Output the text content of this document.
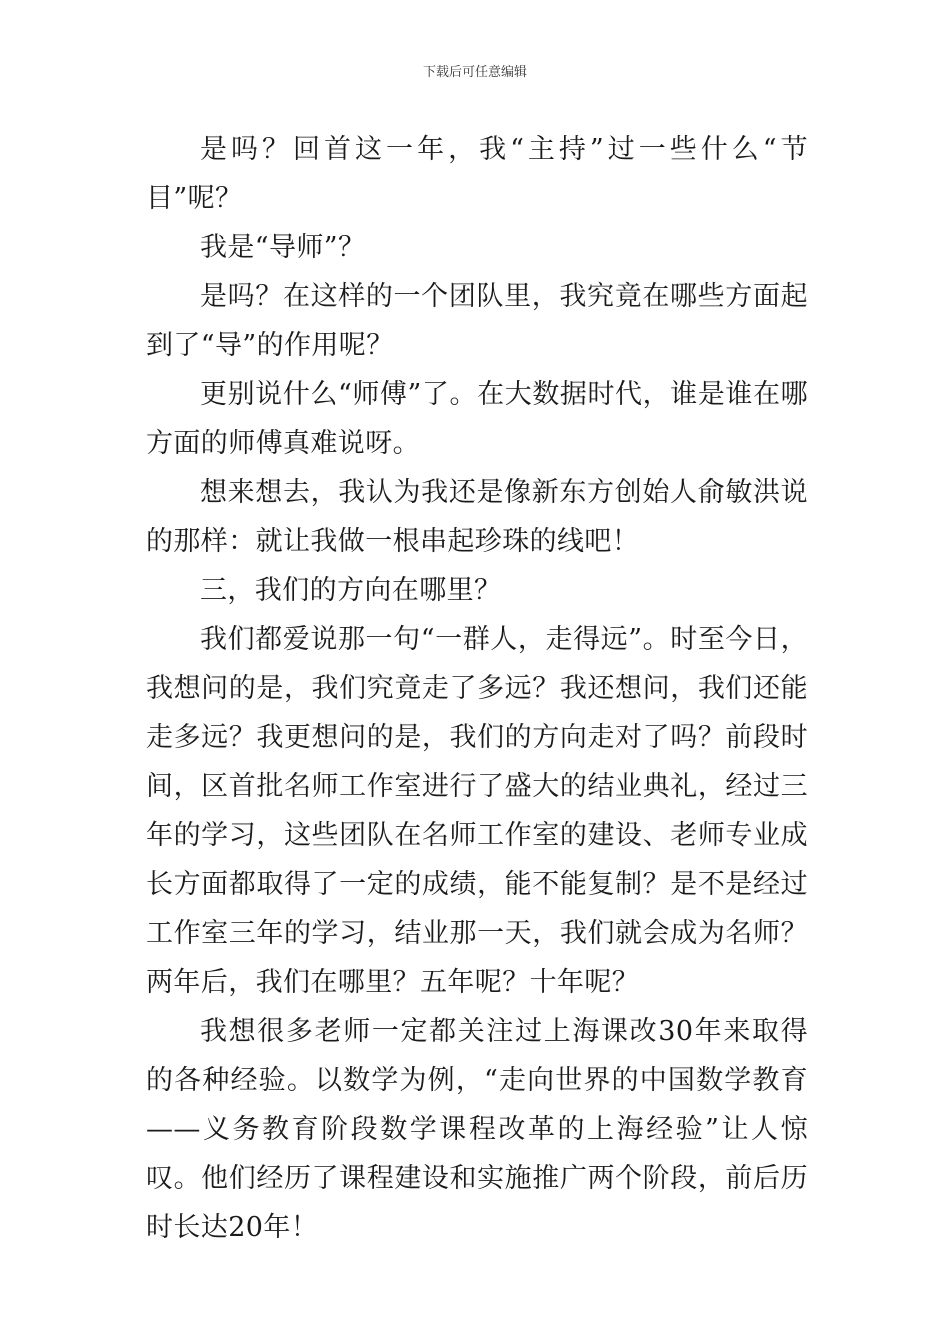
下载后可任意编辑

是吗？回首这一年，我“主持”过一些什么“节目”呢？

我是“导师”？

是吗？在这样的一个团队里，我究竟在哪些方面起到了“导”的作用呢？

更别说什么“师傅”了。在大数据时代，谁是谁在哪方面的师傅真难说呀。

想来想去，我认为我还是像新东方创始人俞敏洪说的那样：就让我做一根串起珍珠的线吧！

三，我们的方向在哪里？

我们都爱说那一句“一群人，走得远”。时至今日，我想问的是，我们究竟走了多远？我还想问，我们还能走多远？我更想问的是，我们的方向走对了吗？前段时间，区首批名师工作室进行了盛大的结业典礼，经过三年的学习，这些团队在名师工作室的建设、老师专业成长方面都取得了一定的成绩，能不能复制？是不是经过工作室三年的学习，结业那一天，我们就会成为名师？两年后，我们在哪里？五年呢？十年呢？

我想很多老师一定都关注过上海课改30年来取得的各种经验。以数学为例，“走向世界的中国数学教育——义务教育阶段数学课程改革的上海经验”让人惊叹。他们经历了课程建设和实施推广两个阶段，前后历时长达20年！
